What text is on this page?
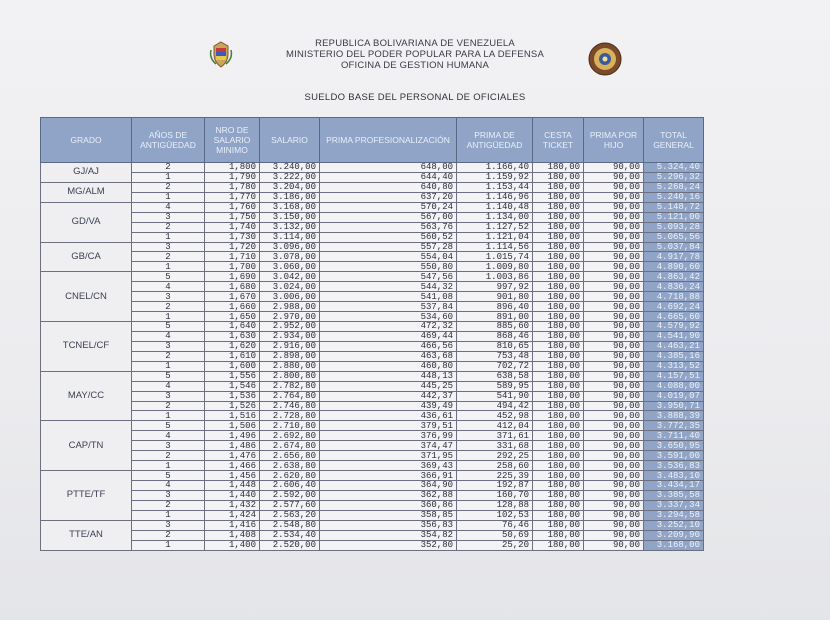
REPUBLICA BOLIVARIANA DE VENEZUELA
MINISTERIO DEL PODER POPULAR PARA LA DEFENSA
OFICINA DE GESTION HUMANA
SUELDO BASE DEL PERSONAL DE OFICIALES
GRADO	AÑOS DE ANTIGÜEDAD	NRO DE SALARIO MINIMO	SALARIO	PRIMA PROFESIONALIZACIÓN	PRIMA DE ANTIGÜEDAD	CESTA TICKET	PRIMA POR HIJO	TOTAL GENERAL
GJ/AJ	2	1,800	3.240,00	648,00	1.166,40	180,00	90,00	5.324,40
	1	1,790	3.222,00	644,40	1.159,92	180,00	90,00	5.296,32
MG/ALM	2	1,780	3.204,00	640,80	1.153,44	180,00	90,00	5.268,24
	1	1,770	3.186,00	637,20	1.146,96	180,00	90,00	5.240,16
GD/VA	4	1,760	3.168,00	570,24	1.140,48	180,00	90,00	5.148,72
	3	1,750	3.150,00	567,00	1.134,00	180,00	90,00	5.121,00
	2	1,740	3.132,00	563,76	1.127,52	180,00	90,00	5.093,28
	1	1,730	3.114,00	560,52	1.121,04	180,00	90,00	5.065,56
GB/CA	3	1,720	3.096,00	557,28	1.114,56	180,00	90,00	5.037,84
	2	1,710	3.078,00	554,04	1.015,74	180,00	90,00	4.917,78
	1	1,700	3.060,00	550,80	1.009,80	180,00	90,00	4.890,60
CNEL/CN	5	1,690	3.042,00	547,56	1.003,86	180,00	90,00	4.863,42
	4	1,680	3.024,00	544,32	997,92	180,00	90,00	4.836,24
	3	1,670	3.006,00	541,08	901,80	180,00	90,00	4.718,88
	2	1,660	2.988,00	537,84	896,40	180,00	90,00	4.692,24
	1	1,650	2.970,00	534,60	891,00	180,00	90,00	4.665,60
TCNEL/CF	5	1,640	2.952,00	472,32	885,60	180,00	90,00	4.579,92
	4	1,630	2.934,00	469,44	868,46	180,00	90,00	4.541,90
	3	1,620	2.916,00	466,56	810,65	180,00	90,00	4.463,21
	2	1,610	2.898,00	463,68	753,48	180,00	90,00	4.385,16
	1	1,600	2.880,00	460,80	702,72	180,00	90,00	4.313,52
MAY/CC	5	1,556	2.800,80	448,13	638,58	180,00	90,00	4.157,51
	4	1,546	2.782,80	445,25	589,95	180,00	90,00	4.088,00
	3	1,536	2.764,80	442,37	541,90	180,00	90,00	4.019,07
	2	1,526	2.746,80	439,49	494,42	180,00	90,00	3.950,71
	1	1,516	2.728,80	436,61	452,98	180,00	90,00	3.888,39
CAP/TN	5	1,506	2.710,80	379,51	412,04	180,00	90,00	3.772,35
	4	1,496	2.692,80	376,99	371,61	180,00	90,00	3.711,40
	3	1,486	2.674,80	374,47	331,68	180,00	90,00	3.650,95
	2	1,476	2.656,80	371,95	292,25	180,00	90,00	3.591,00
	1	1,466	2.638,80	369,43	258,60	180,00	90,00	3.536,83
PTTE/TF	5	1,456	2.620,80	366,91	225,39	180,00	90,00	3.483,10
	4	1,448	2.606,40	364,90	192,87	180,00	90,00	3.434,17
	3	1,440	2.592,00	362,88	160,70	180,00	90,00	3.385,58
	2	1,432	2.577,60	360,86	128,88	180,00	90,00	3.337,34
	1	1,424	2.563,20	358,85	102,53	180,00	90,00	3.294,58
TTE/AN	3	1,416	2.548,80	356,83	76,46	180,00	90,00	3.252,10
	2	1,408	2.534,40	354,82	50,69	180,00	90,00	3.209,90
	1	1,400	2.520,00	352,80	25,20	180,00	90,00	3.168,00
